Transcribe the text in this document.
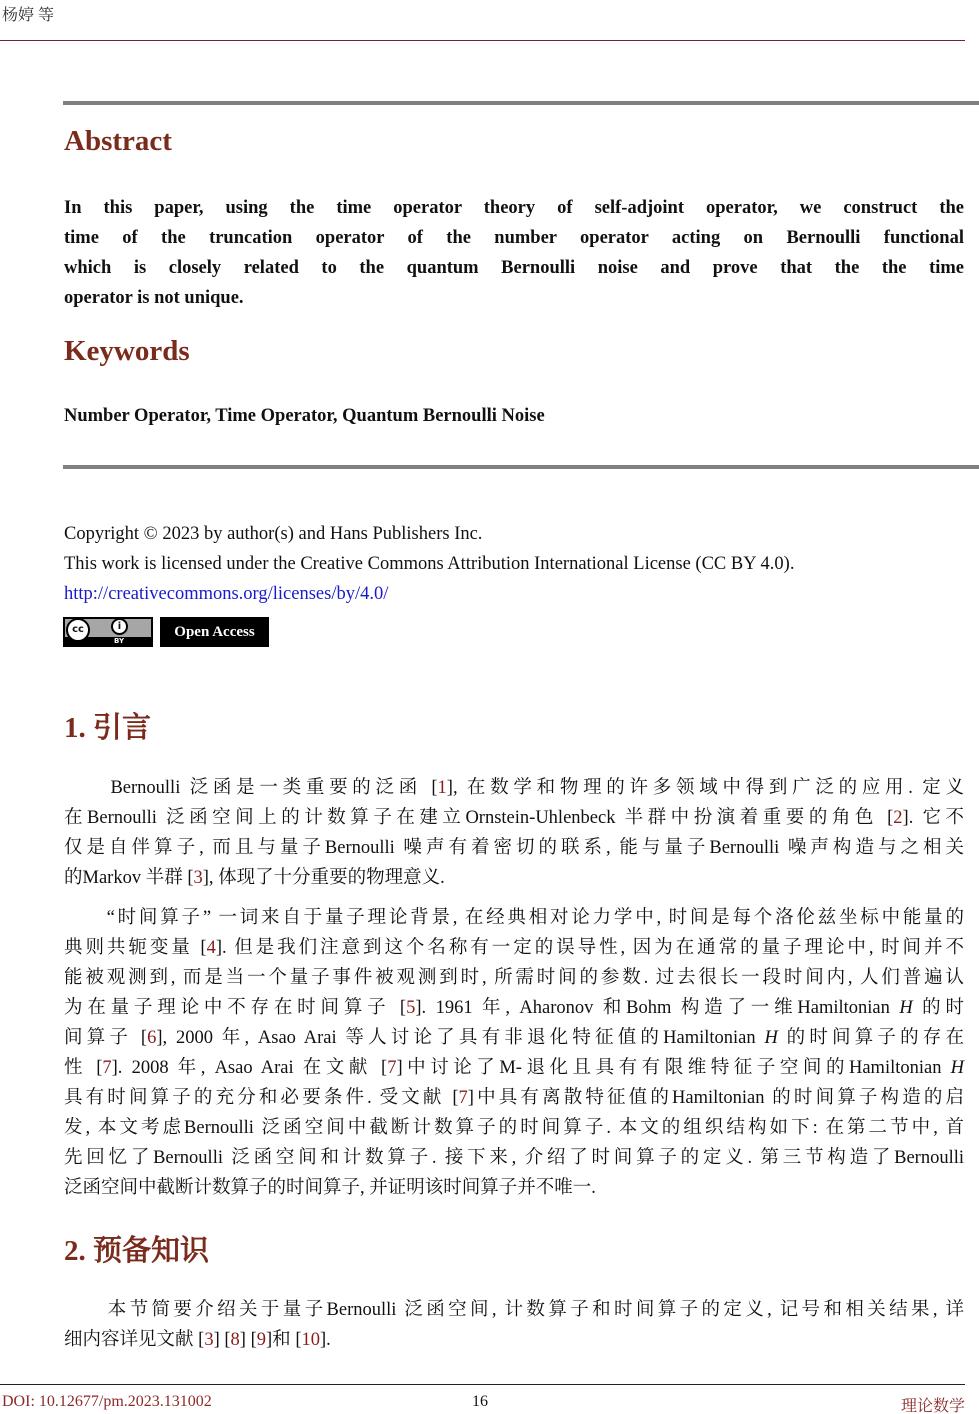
杨婷 等
Abstract
In this paper, using the time operator theory of self-adjoint operator, we construct the
time of the truncation operator of the number operator acting on Bernoulli functional
which is closely related to the quantum Bernoulli noise and prove that the the time
operator is not unique.
Keywords
Number Operator, Time Operator, Quantum Bernoulli Noise
Copyright © 2023 by author(s) and Hans Publishers Inc.
This work is licensed under the Creative Commons Attribution International License (CC BY 4.0).
http://creativecommons.org/licenses/by/4.0/
cc	i
BY
Open Access
1. 引言
　　Bernoulli 泛函是一类重要的泛函 [1], 在数学和物理的许多领域中得到广泛的应用. 定义
在Bernoulli 泛函空间上的计数算子在建立Ornstein-Uhlenbeck 半群中扮演着重要的角色 [2]. 它不
仅是自伴算子, 而且与量子Bernoulli 噪声有着密切的联系, 能与量子Bernoulli 噪声构造与之相关
的Markov 半群 [3], 体现了十分重要的物理意义.
　　“时间算子” 一词来自于量子理论背景, 在经典相对论力学中, 时间是每个洛伦兹坐标中能量的
典则共轭变量 [4]. 但是我们注意到这个名称有一定的误导性, 因为在通常的量子理论中, 时间并不
能被观测到, 而是当一个量子事件被观测到时, 所需时间的参数. 过去很长一段时间内, 人们普遍认
为在量子理论中不存在时间算子 [5]. 1961 年, Aharonov 和Bohm 构造了一维Hamiltonian H 的时
间算子 [6], 2000 年, Asao Arai 等人讨论了具有非退化特征值的Hamiltonian H 的时间算子的存在
性 [7]. 2008 年, Asao Arai 在文献 [7]中讨论了M-退化且具有有限维特征子空间的Hamiltonian H
具有时间算子的充分和必要条件. 受文献 [7]中具有离散特征值的Hamiltonian 的时间算子构造的启
发, 本文考虑Bernoulli 泛函空间中截断计数算子的时间算子. 本文的组织结构如下: 在第二节中, 首
先回忆了Bernoulli 泛函空间和计数算子. 接下来, 介绍了时间算子的定义. 第三节构造了Bernoulli
泛函空间中截断计数算子的时间算子, 并证明该时间算子并不唯一.
2. 预备知识
　　本节简要介绍关于量子Bernoulli 泛函空间, 计数算子和时间算子的定义, 记号和相关结果, 详
细内容详见文献 [3] [8] [9]和 [10].
DOI: 10.12677/pm.2023.131002	16	理论数学
